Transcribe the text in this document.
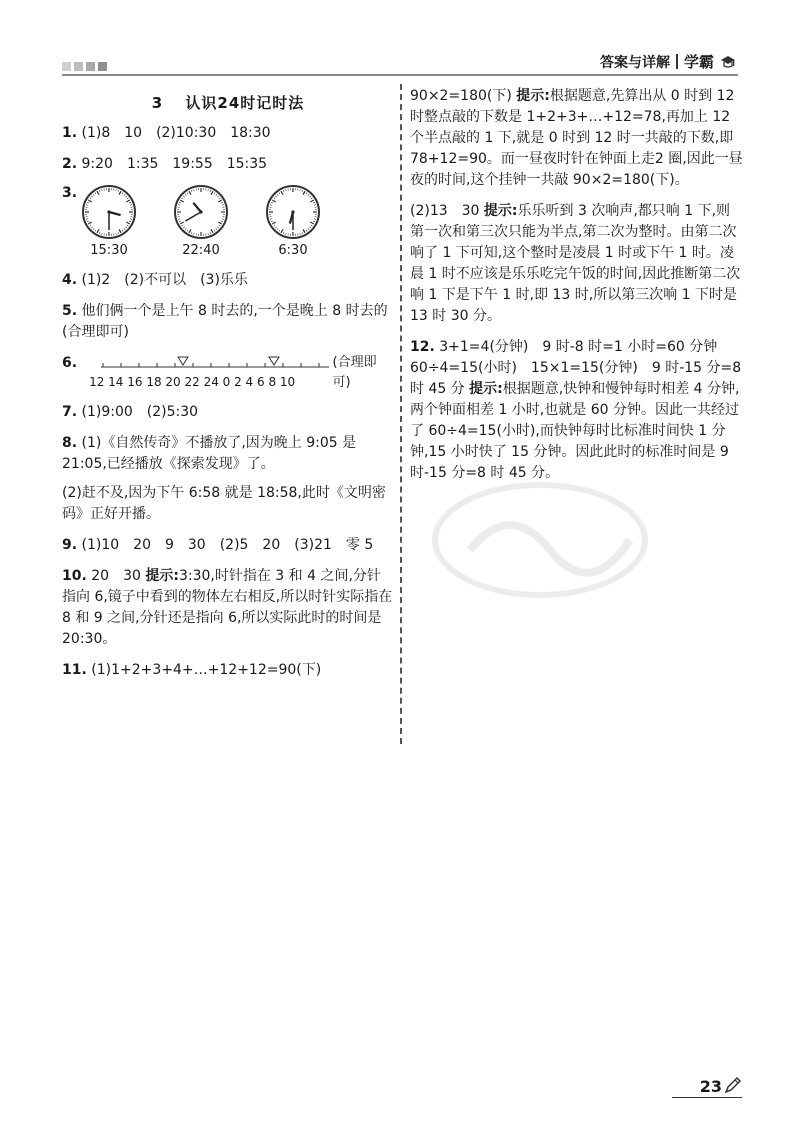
答案与详解 学霸
3 认识24时记时法
1. (1)8　10　(2)10:30　18:30
2. 9:20　1:35　19:55　15:35
3.
15:30	22:40	6:30
4. (1)2　(2)不可以　(3)乐乐
5. 他们俩一个是上午 8 时去的,一个是晚上 8 时去的(合理即可)
6.
12 14 16 18 20 22 24 0 2 4 6 8 10
(合理即可)
7. (1)9:00　(2)5:30
8. (1)《自然传奇》不播放了,因为晚上 9:05 是 21:05,已经播放《探索发现》了。
(2)赶不及,因为下午 6:58 就是 18:58,此时《文明密码》正好开播。
9. (1)10　20　9　30　(2)5　20　(3)21　零 5
10. 20　30 提示:3:30,时针指在 3 和 4 之间,分针指向 6,镜子中看到的物体左右相反,所以时针实际指在 8 和 9 之间,分针还是指向 6,所以实际此时的时间是 20:30。
11. (1)1+2+3+4+…+12+12=90(下)
90×2=180(下) 提示:根据题意,先算出从 0 时到 12 时整点敲的下数是 1+2+3+…+12=78,再加上 12 个半点敲的 1 下,就是 0 时到 12 时一共敲的下数,即 78+12=90。而一昼夜时针在钟面上走2 圈,因此一昼夜的时间,这个挂钟一共敲 90×2=180(下)。
(2)13　30 提示:乐乐听到 3 次响声,都只响 1 下,则第一次和第三次只能为半点,第二次为整时。由第二次响了 1 下可知,这个整时是凌晨 1 时或下午 1 时。凌晨 1 时不应该是乐乐吃完午饭的时间,因此推断第二次响 1 下是下午 1 时,即 13 时,所以第三次响 1 下时是 13 时 30 分。
12. 3+1=4(分钟)　9 时-8 时=1 小时=60 分钟　60÷4=15(小时)　15×1=15(分钟)　9 时-15 分=8 时 45 分 提示:根据题意,快钟和慢钟每时相差 4 分钟,两个钟面相差 1 小时,也就是 60 分钟。因此一共经过了 60÷4=15(小时),而快钟每时比标准时间快 1 分钟,15 小时快了 15 分钟。因此此时的标准时间是 9 时-15 分=8 时 45 分。
23
